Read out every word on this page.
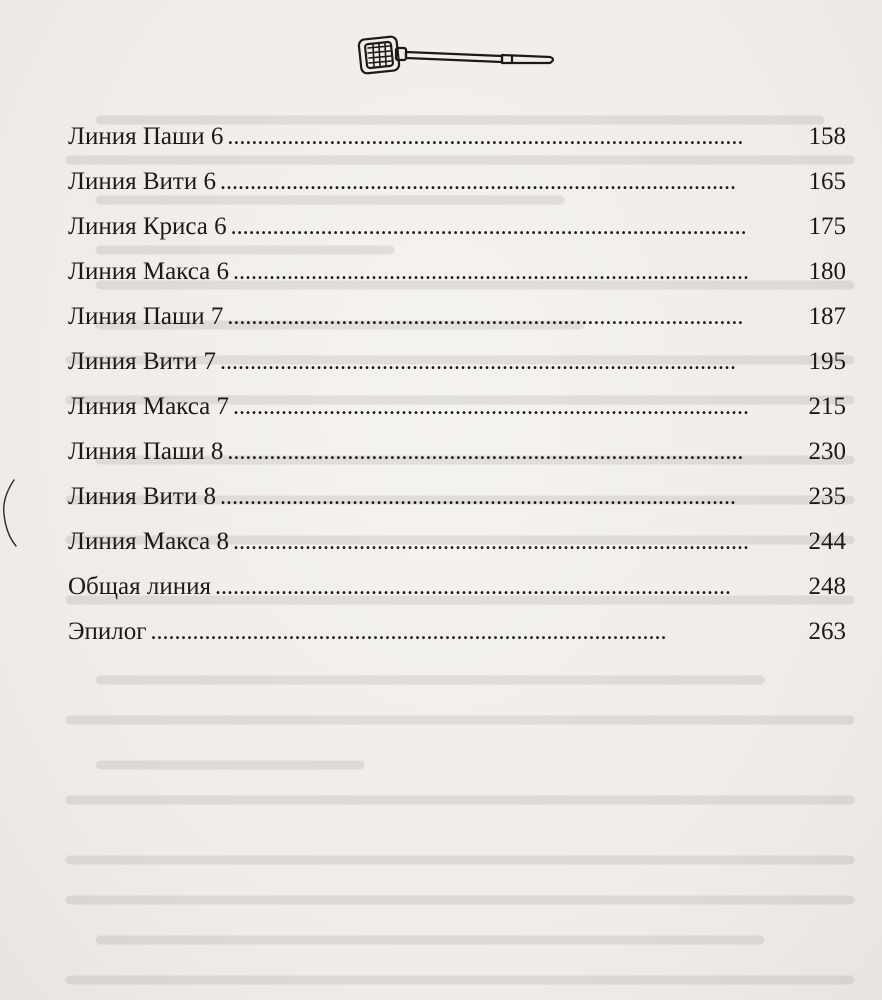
Линия Паши 6 . . .	158
Линия Вити 6 . . .	165
Линия Криса 6 . . .	175
Линия Макса 6 . . .	180
Линия Паши 7 . . .	187
Линия Вити 7 . . .	195
Линия Макса 7 . . .	215
Линия Паши 8 . . .	230
Линия Вити 8 . . .	235
Линия Макса 8 . . .	244
Общая линия . . .	248
Эпилог . . .	263
